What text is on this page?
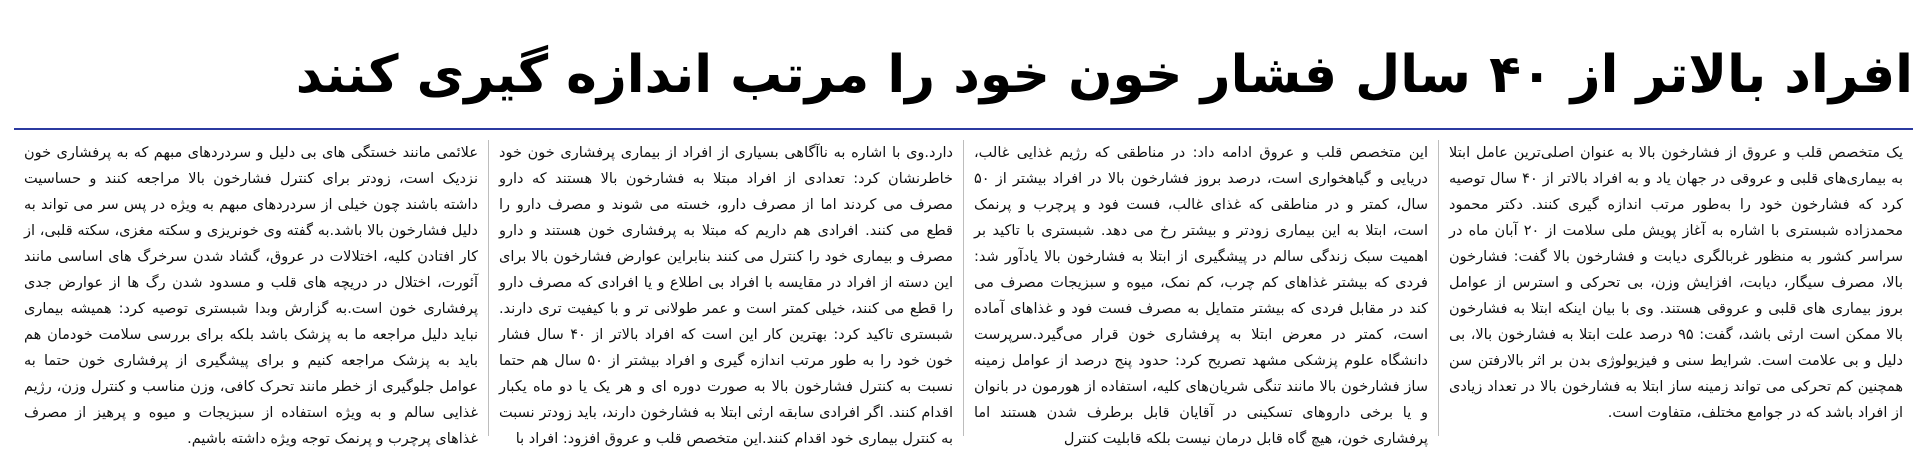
افراد بالاتر از ۴۰ سال فشار خون خود را مرتب اندازه گیری کنند

یک متخصص قلب و عروق از فشارخون بالا به عنوان اصلی‌ترین عامل ابتلا به بیماری‌های قلبی و عروقی در جهان یاد و به افراد بالاتر از ۴۰ سال توصیه کرد که فشارخون خود را به‌طور مرتب اندازه گیری کنند. دکتر محمود محمدزاده شبستری با اشاره به آغاز پویش ملی سلامت از ۲۰ آبان ماه در سراسر کشور به منظور غربالگری دیابت و فشارخون بالا گفت: فشارخون بالا، مصرف سیگار، دیابت، افزایش وزن، بی تحرکی و استرس از عوامل بروز بیماری های قلبی و عروقی هستند. وی با بیان اینکه ابتلا به فشارخون بالا ممکن است ارثی باشد، گفت: ۹۵ درصد علت ابتلا به فشارخون بالا، بی دلیل و بی علامت است. شرایط سنی و فیزیولوژی بدن بر اثر بالارفتن سن همچنین کم تحرکی می تواند زمینه ساز ابتلا به فشارخون بالا در تعداد زیادی از افراد باشد که در جوامع مختلف، متفاوت است.

این متخصص قلب و عروق ادامه داد: در مناطقی که رژیم غذایی غالب، دریایی و گیاهخواری است، درصد بروز فشارخون بالا در افراد بیشتر از ۵۰ سال، کمتر و در مناطقی که غذای غالب، فست فود و پرچرب و پرنمک است، ابتلا به این بیماری زودتر و بیشتر رخ می دهد. شبستری با تاکید بر اهمیت سبک زندگی سالم در پیشگیری از ابتلا به فشارخون بالا یادآور شد: فردی که بیشتر غذاهای کم چرب، کم نمک، میوه و سبزیجات مصرف می کند در مقابل فردی که بیشتر متمایل به مصرف فست فود و غذاهای آماده است، کمتر در معرض ابتلا به پرفشاری خون قرار می‌گیرد.سرپرست دانشگاه علوم پزشکی مشهد تصریح کرد: حدود پنج درصد از عوامل زمینه ساز فشارخون بالا مانند تنگی شریان‌های کلیه، استفاده از هورمون در بانوان و یا برخی داروهای تسکینی در آقایان قابل برطرف شدن هستند اما پرفشاری خون، هیچ گاه قابل درمان نیست بلکه قابلیت کنترل

دارد.وی با اشاره به ناآگاهی بسیاری از افراد از بیماری پرفشاری خون خود خاطرنشان کرد: تعدادی از افراد مبتلا به فشارخون بالا هستند که دارو مصرف می کردند اما از مصرف دارو، خسته می شوند و مصرف دارو را قطع می کنند. افرادی هم داریم که مبتلا به پرفشاری خون هستند و دارو مصرف و بیماری خود را کنترل می کنند بنابراین عوارض فشارخون بالا برای این دسته از افراد در مقایسه با افراد بی اطلاع و یا افرادی که مصرف دارو را قطع می کنند، خیلی کمتر است و عمر طولانی تر و با کیفیت تری دارند. شبستری تاکید کرد: بهترین کار این است که افراد بالاتر از ۴۰ سال فشار خون خود را به طور مرتب اندازه گیری و افراد بیشتر از ۵۰ سال هم حتما نسبت به کنترل فشارخون بالا به صورت دوره ای و هر یک یا دو ماه یکبار اقدام کنند. اگر افرادی سابقه ارثی ابتلا به فشارخون دارند، باید زودتر نسبت به کنترل بیماری خود اقدام کنند.این متخصص قلب و عروق افزود: افراد با

علائمی مانند خستگی های بی دلیل و سردردهای مبهم که به پرفشاری خون نزدیک است، زودتر برای کنترل فشارخون بالا مراجعه کنند و حساسیت داشته باشند چون خیلی از سردردهای مبهم به ویژه در پس سر می تواند به دلیل فشارخون بالا باشد.به گفته وی خونریزی و سکته مغزی، سکته قلبی، از کار افتادن کلیه، اختلالات در عروق، گشاد شدن سرخرگ های اساسی مانند آئورت، اختلال در دریچه های قلب و مسدود شدن رگ ها از عوارض جدی پرفشاری خون است.به گزارش وبدا شبستری توصیه کرد: همیشه بیماری نباید دلیل مراجعه ما به پزشک باشد بلکه برای بررسی سلامت خودمان هم باید به پزشک مراجعه کنیم و برای پیشگیری از پرفشاری خون حتما به عوامل جلوگیری از خطر مانند تحرک کافی، وزن مناسب و کنترل وزن، رژیم غذایی سالم و به ویژه استفاده از سبزیجات و میوه و پرهیز از مصرف غذاهای پرچرب و پرنمک توجه ویژه داشته باشیم.
